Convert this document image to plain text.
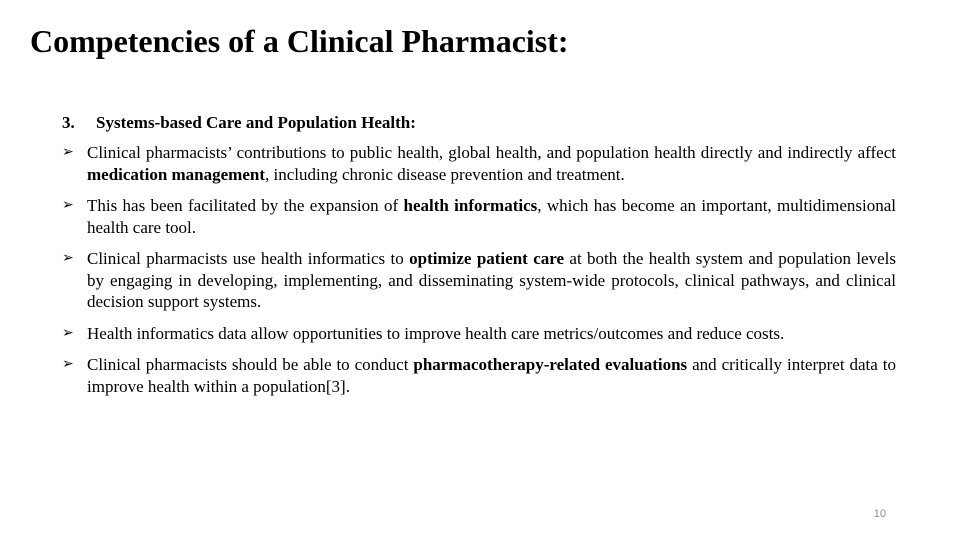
Competencies of a Clinical Pharmacist:
3. Systems-based Care and Population Health:
➢ Clinical pharmacists’ contributions to public health, global health, and population health directly and indirectly affect medication management, including chronic disease prevention and treatment.
➢ This has been facilitated by the expansion of health informatics, which has become an important, multidimensional health care tool.
➢ Clinical pharmacists use health informatics to optimize patient care at both the health system and population levels by engaging in developing, implementing, and disseminating system-wide protocols, clinical pathways, and clinical decision support systems.
➢ Health informatics data allow opportunities to improve health care metrics/outcomes and reduce costs.
➢ Clinical pharmacists should be able to conduct pharmacotherapy-related evaluations and critically interpret data to improve health within a population[3].
10
